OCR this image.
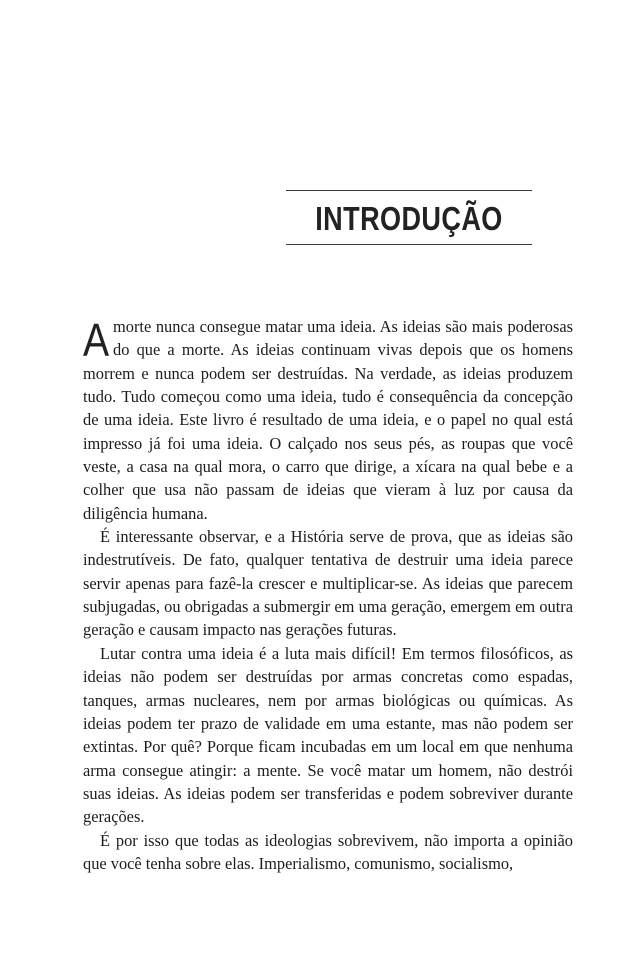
INTRODUÇÃO

A morte nunca consegue matar uma ideia. As ideias são mais poderosas do que a morte. As ideias continuam vivas depois que os homens morrem e nunca podem ser destruídas. Na verdade, as ideias produzem tudo. Tudo começou como uma ideia, tudo é consequência da concepção de uma ideia. Este livro é resultado de uma ideia, e o papel no qual está impresso já foi uma ideia. O calçado nos seus pés, as roupas que você veste, a casa na qual mora, o carro que dirige, a xícara na qual bebe e a colher que usa não passam de ideias que vieram à luz por causa da diligência humana.

É interessante observar, e a História serve de prova, que as ideias são indestrutíveis. De fato, qualquer tentativa de destruir uma ideia parece servir apenas para fazê-la crescer e multiplicar-se. As ideias que parecem subjugadas, ou obrigadas a submergir em uma geração, emergem em outra geração e causam impacto nas gerações futuras.

Lutar contra uma ideia é a luta mais difícil! Em termos filosóficos, as ideias não podem ser destruídas por armas concretas como espadas, tanques, armas nucleares, nem por armas biológicas ou químicas. As ideias podem ter prazo de validade em uma estante, mas não podem ser extintas. Por quê? Porque ficam incubadas em um local em que nenhuma arma consegue atingir: a mente. Se você matar um homem, não destrói suas ideias. As ideias podem ser transferidas e podem sobreviver durante gerações.

É por isso que todas as ideologias sobrevivem, não importa a opinião que você tenha sobre elas. Imperialismo, comunismo, socialismo,
